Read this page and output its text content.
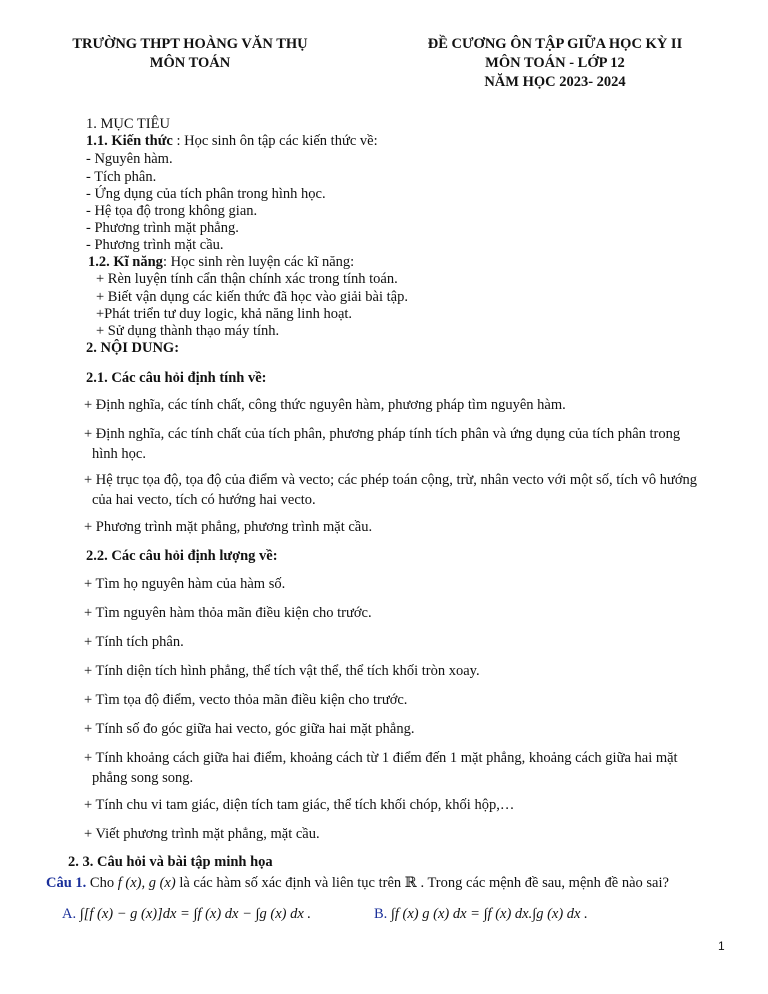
TRƯỜNG THPT HOÀNG VĂN THỤ
MÔN TOÁN
ĐỀ CƯƠNG ÔN TẬP GIỮA HỌC KỲ II
MÔN TOÁN - LỚP 12
NĂM HỌC 2023- 2024
1. MỤC TIÊU
1.1. Kiến thức : Học sinh ôn tập các kiến thức về:
- Nguyên hàm.
- Tích phân.
- Ứng dụng của tích phân trong hình học.
- Hệ tọa độ trong không gian.
- Phương trình mặt phẳng.
- Phương trình mặt cầu.
1.2. Kĩ năng: Học sinh rèn luyện các kĩ năng:
+ Rèn luyện tính cẩn thận chính xác trong tính toán.
+ Biết vận dụng các kiến thức đã học vào giải bài tập.
+Phát triển tư duy logic, khả năng linh hoạt.
+ Sử dụng thành thạo máy tính.
2. NỘI DUNG:
2.1. Các câu hỏi định tính về:
+ Định nghĩa, các tính chất, công thức nguyên hàm, phương pháp tìm nguyên hàm.
+ Định nghĩa, các tính chất của tích phân, phương pháp tính tích phân và ứng dụng của tích phân trong
hình học.
+ Hệ trục tọa độ, tọa độ của điểm và vecto; các phép toán cộng, trừ, nhân vecto với một số, tích vô hướng
của hai vecto, tích có hướng hai vecto.
+ Phương trình mặt phẳng, phương trình mặt cầu.
2.2. Các câu hỏi định lượng về:
+ Tìm họ nguyên hàm của hàm số.
+ Tìm nguyên hàm thỏa mãn điều kiện cho trước.
+ Tính tích phân.
+ Tính diện tích hình phẳng, thể tích vật thể, thể tích khối tròn xoay.
+ Tìm tọa độ điểm, vecto thỏa mãn điều kiện cho trước.
+ Tính số đo góc giữa hai vecto, góc giữa hai mặt phẳng.
+ Tính khoảng cách giữa hai điểm, khoảng cách từ 1 điểm đến 1 mặt phẳng, khoảng cách giữa hai mặt
phẳng song song.
+ Tính chu vi tam giác, diện tích tam giác, thể tích khối chóp, khối hộp,…
+ Viết phương trình mặt phẳng, mặt cầu.
2. 3. Câu hỏi và bài tập minh họa
Câu 1. Cho f (x), g (x) là các hàm số xác định và liên tục trên ℝ . Trong các mệnh đề sau, mệnh đề nào sai?
A. ∫[f (x) − g (x)]dx = ∫f (x) dx − ∫g (x) dx .	B. ∫f (x) g (x) dx = ∫f (x) dx.∫g (x) dx .
1
